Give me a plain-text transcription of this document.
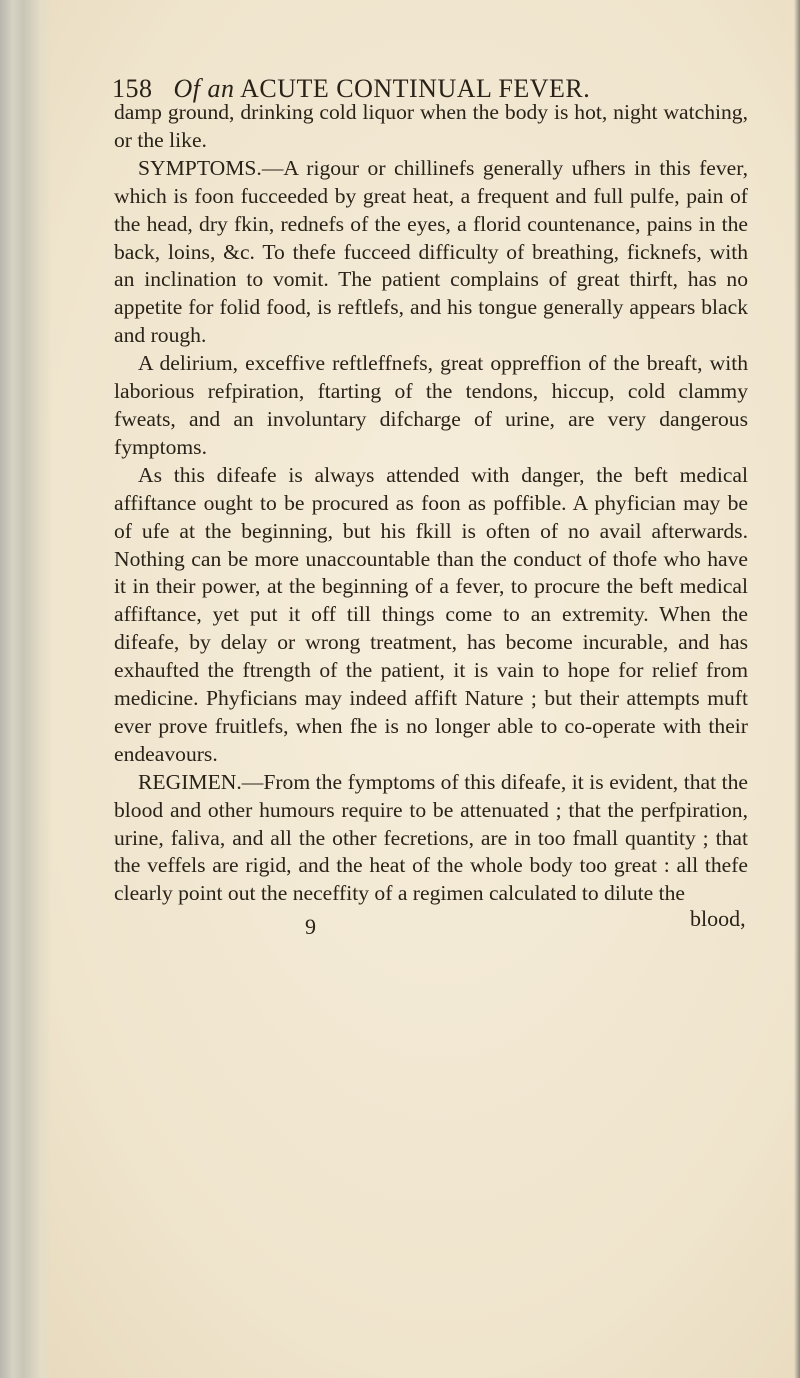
158 Of an ACUTE CONTINUAL FEVER.

damp ground, drinking cold liquor when the body is hot, night watching, or the like.

SYMPTOMS.—A rigour or chillinefs generally ufhers in this fever, which is foon fucceeded by great heat, a frequent and full pulfe, pain of the head, dry fkin, rednefs of the eyes, a florid countenance, pains in the back, loins, &c. To thefe fucceed difficulty of breathing, ficknefs, with an inclination to vomit. The patient complains of great thirft, has no appetite for folid food, is reftlefs, and his tongue generally appears black and rough.

A delirium, exceffive reftleffnefs, great oppreffion of the breaft, with laborious refpiration, ftarting of the tendons, hiccup, cold clammy fweats, and an involuntary difcharge of urine, are very dangerous fymptoms.

As this difeafe is always attended with danger, the beft medical affiftance ought to be procured as foon as poffible. A phyfician may be of ufe at the beginning, but his fkill is often of no avail afterwards. Nothing can be more unaccountable than the conduct of thofe who have it in their power, at the beginning of a fever, to procure the beft medical affiftance, yet put it off till things come to an extremity. When the difeafe, by delay or wrong treatment, has become incurable, and has exhaufted the ftrength of the patient, it is vain to hope for relief from medicine. Phyficians may indeed affift Nature ; but their attempts muft ever prove fruitlefs, when fhe is no longer able to co-operate with their endeavours.

REGIMEN.—From the fymptoms of this difeafe, it is evident, that the blood and other humours require to be attenuated ; that the perfpiration, urine, faliva, and all the other fecretions, are in too fmall quantity ; that the veffels are rigid, and the heat of the whole body too great : all thefe clearly point out the neceffity of a regimen calculated to dilute the

9	blood,
